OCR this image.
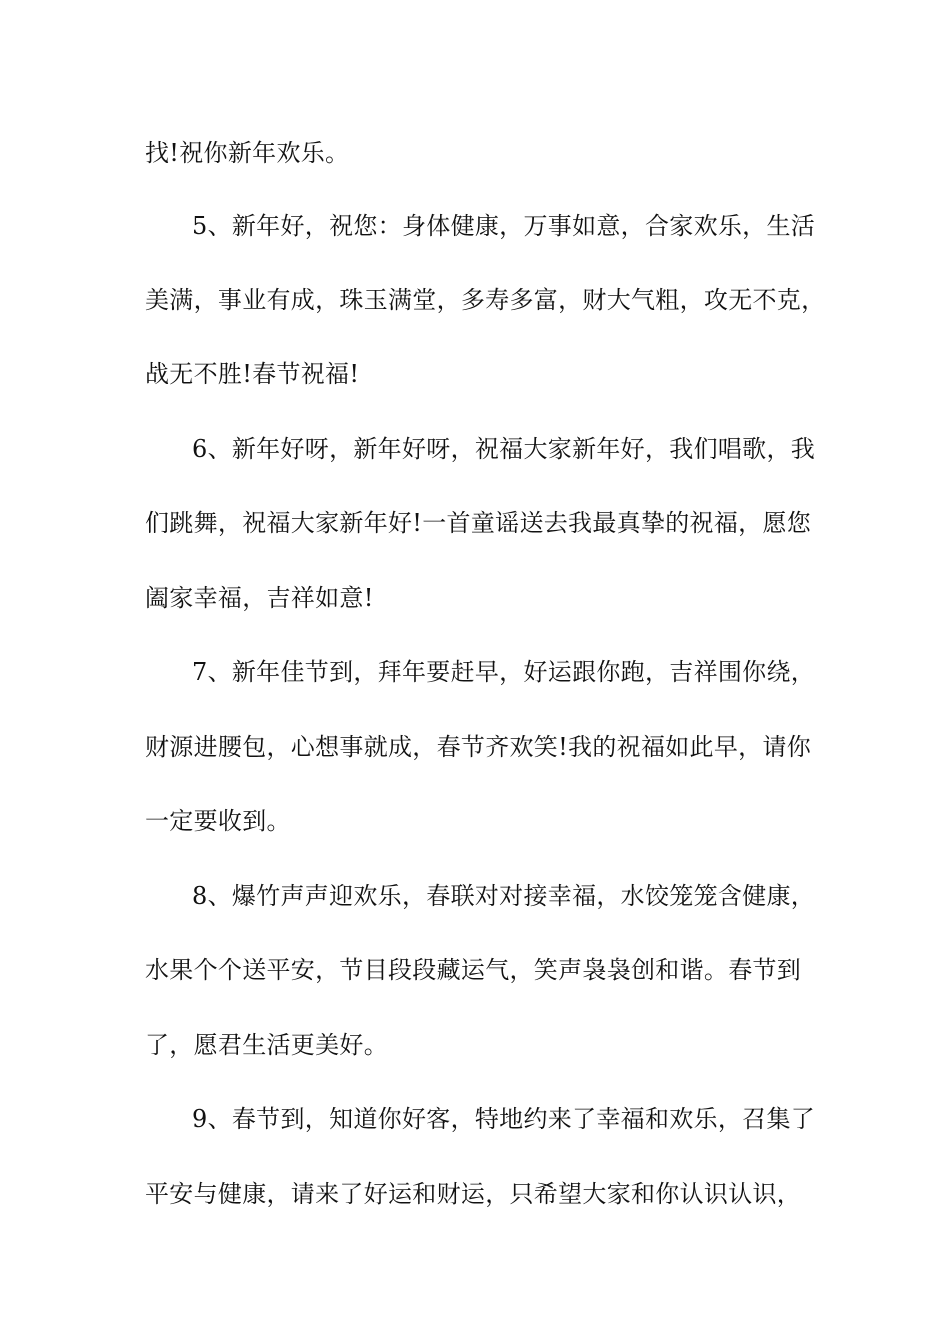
找!祝你新年欢乐。
5、新年好，祝您：身体健康，万事如意，合家欢乐，生活
美满，事业有成，珠玉满堂，多寿多富，财大气粗，攻无不克，
战无不胜!春节祝福!
6、新年好呀，新年好呀，祝福大家新年好，我们唱歌，我
们跳舞，祝福大家新年好!一首童谣送去我最真挚的祝福，愿您
阖家幸福，吉祥如意!
7、新年佳节到，拜年要赶早，好运跟你跑，吉祥围你绕，
财源进腰包，心想事就成，春节齐欢笑!我的祝福如此早，请你
一定要收到。
8、爆竹声声迎欢乐，春联对对接幸福，水饺笼笼含健康，
水果个个送平安，节目段段藏运气，笑声袅袅创和谐。春节到
了，愿君生活更美好。
9、春节到，知道你好客，特地约来了幸福和欢乐，召集了
平安与健康，请来了好运和财运，只希望大家和你认识认识，
